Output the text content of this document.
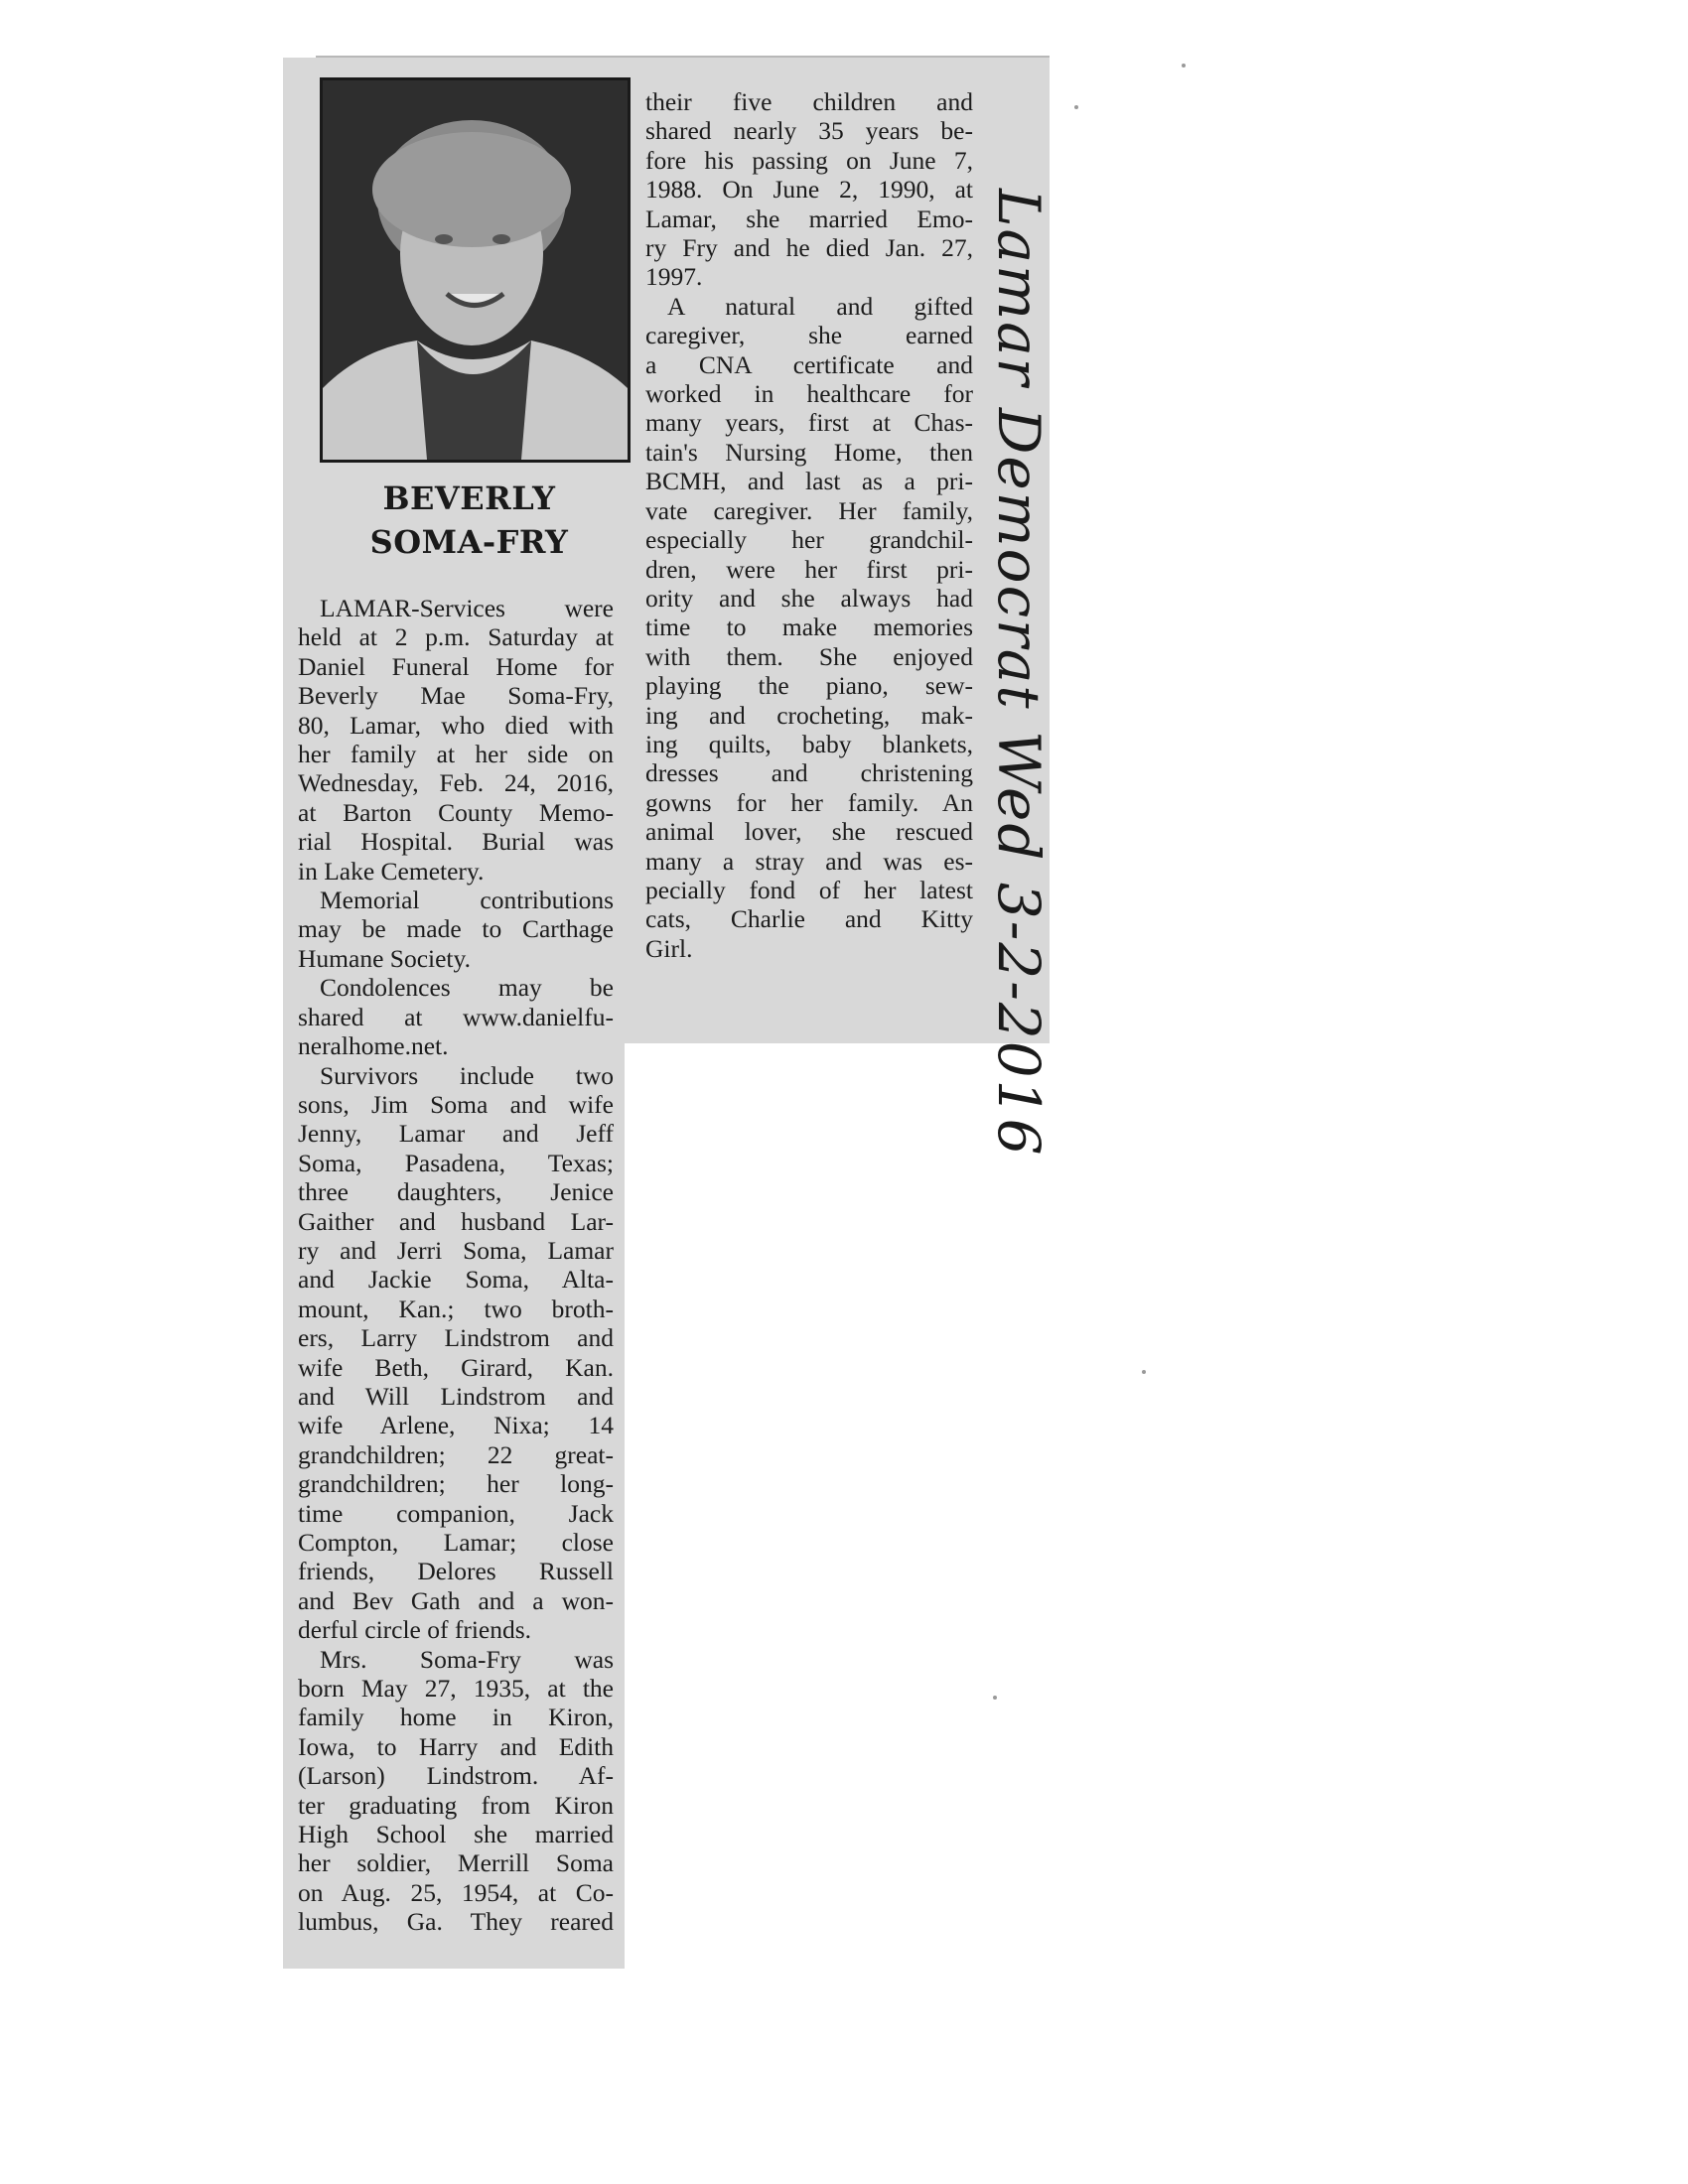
BEVERLY
SOMA-FRY
LAMAR-Services were
held at 2 p.m. Saturday at
Daniel Funeral Home for
Beverly Mae Soma-Fry,
80, Lamar, who died with
her family at her side on
Wednesday, Feb. 24, 2016,
at Barton County Memo-
rial Hospital. Burial was
in Lake Cemetery.
Memorial contributions
may be made to Carthage
Humane Society.
Condolences may be
shared at www.danielfu-
neralhome.net.
Survivors include two
sons, Jim Soma and wife
Jenny, Lamar and Jeff
Soma, Pasadena, Texas;
three daughters, Jenice
Gaither and husband Lar-
ry and Jerri Soma, Lamar
and Jackie Soma, Alta-
mount, Kan.; two broth-
ers, Larry Lindstrom and
wife Beth, Girard, Kan.
and Will Lindstrom and
wife Arlene, Nixa; 14
grandchildren; 22 great-
grandchildren; her long-
time companion, Jack
Compton, Lamar; close
friends, Delores Russell
and Bev Gath and a won-
derful circle of friends.
Mrs. Soma-Fry was
born May 27, 1935, at the
family home in Kiron,
Iowa, to Harry and Edith
(Larson) Lindstrom. Af-
ter graduating from Kiron
High School she married
her soldier, Merrill Soma
on Aug. 25, 1954, at Co-
lumbus, Ga. They reared
their five children and
shared nearly 35 years be-
fore his passing on June 7,
1988. On June 2, 1990, at
Lamar, she married Emo-
ry Fry and he died Jan. 27,
1997.
A natural and gifted
caregiver, she earned
a CNA certificate and
worked in healthcare for
many years, first at Chas-
tain's Nursing Home, then
BCMH, and last as a pri-
vate caregiver. Her family,
especially her grandchil-
dren, were her first pri-
ority and she always had
time to make memories
with them. She enjoyed
playing the piano, sew-
ing and crocheting, mak-
ing quilts, baby blankets,
dresses and christening
gowns for her family. An
animal lover, she rescued
many a stray and was es-
pecially fond of her latest
cats, Charlie and Kitty
Girl.	Lamar Democrat Wed 3-2-2016
